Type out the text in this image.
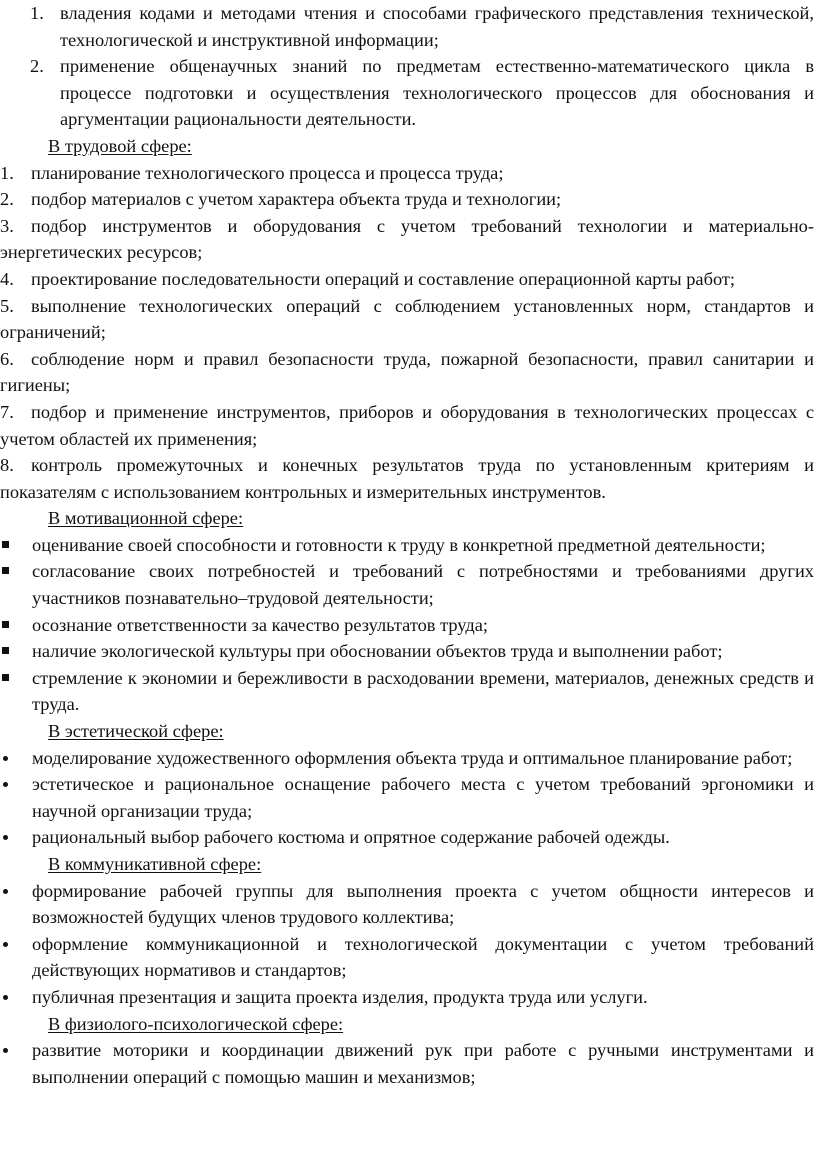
1. владения кодами и методами чтения и способами графического представления технической, технологической и инструктивной информации;
2. применение общенаучных знаний по предметам естественно-математического цикла в процессе подготовки и осуществления технологического процессов для обоснования и аргументации рациональности деятельности.
В трудовой сфере:
1. планирование технологического процесса и процесса труда;
2. подбор материалов с учетом характера объекта труда и технологии;
3. подбор инструментов и оборудования с учетом требований технологии и материально-энергетических ресурсов;
4. проектирование последовательности операций и составление операционной карты работ;
5. выполнение технологических операций с соблюдением установленных норм, стандартов и ограничений;
6. соблюдение норм и правил безопасности труда, пожарной безопасности, правил санитарии и гигиены;
7. подбор и применение инструментов, приборов и оборудования в технологических процессах с учетом областей их применения;
8. контроль промежуточных и конечных результатов труда по установленным критериям и показателям с использованием контрольных и измерительных инструментов.
В мотивационной сфере:
оценивание своей способности и готовности к труду в конкретной предметной деятельности;
согласование своих потребностей и требований с потребностями и требованиями других участников познавательно–трудовой деятельности;
осознание ответственности за качество результатов труда;
наличие экологической культуры при обосновании объектов труда и выполнении работ;
стремление к экономии и бережливости в расходовании времени, материалов, денежных средств и труда.
В эстетической сфере:
моделирование художественного оформления объекта труда и оптимальное планирование работ;
эстетическое и рациональное оснащение рабочего места с учетом требований эргономики и научной организации труда;
рациональный выбор рабочего костюма и опрятное содержание рабочей одежды.
В коммуникативной сфере:
формирование рабочей группы для выполнения проекта с учетом общности интересов и возможностей будущих членов трудового коллектива;
оформление коммуникационной и технологической документации с учетом требований действующих нормативов и стандартов;
публичная презентация и защита проекта изделия, продукта труда или услуги.
В физиолого-психологической сфере:
развитие моторики и координации движений рук при работе с ручными инструментами и выполнении операций с помощью машин и механизмов;
